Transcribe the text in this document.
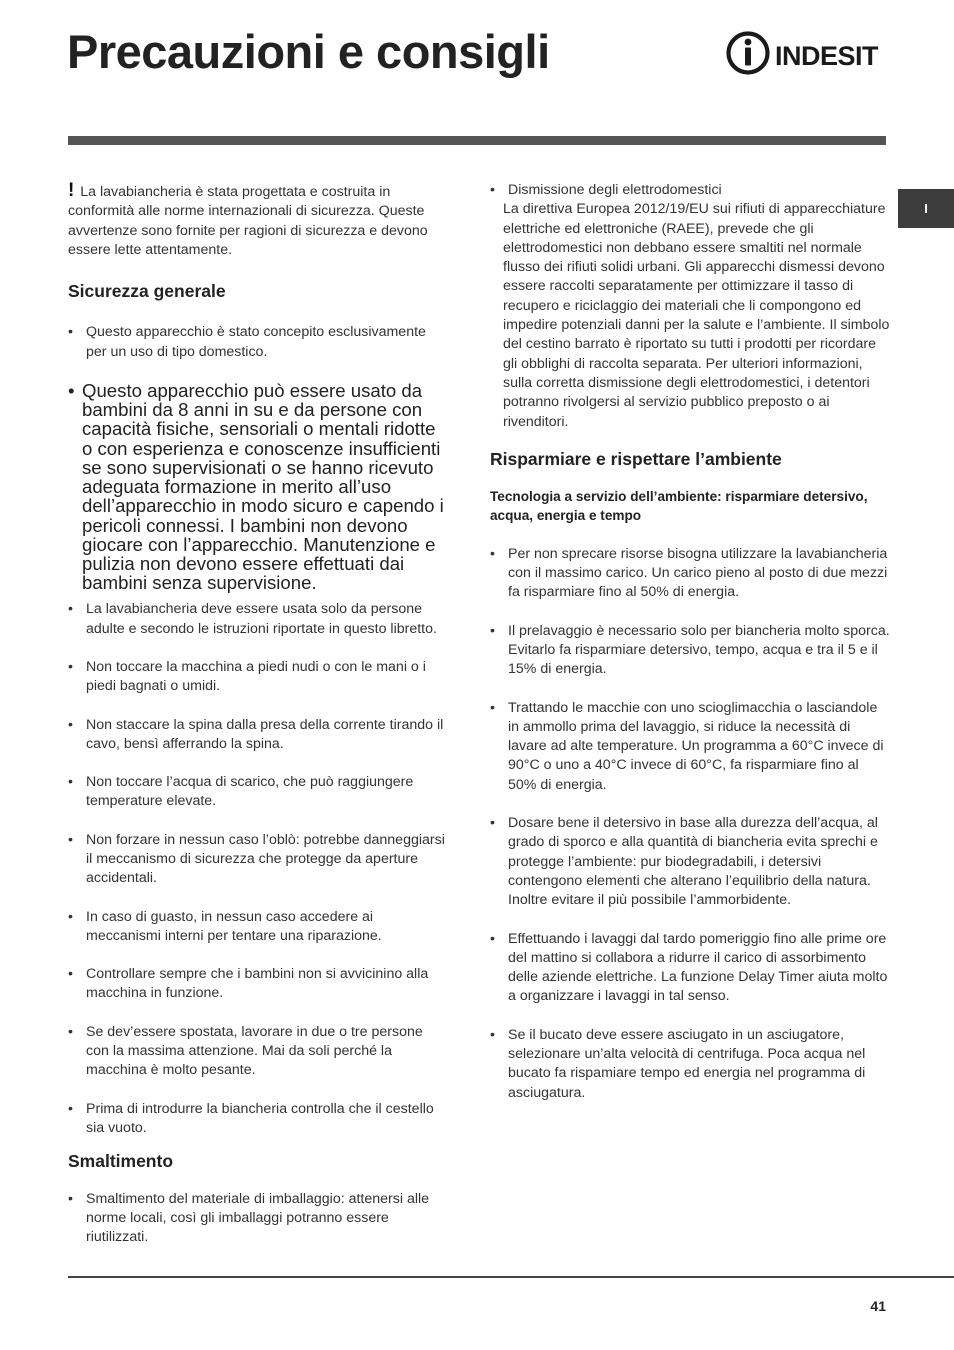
Precauzioni e consigli	INDESIT
I

! La lavabiancheria è stata progettata e costruita in conformità alle norme internazionali di sicurezza. Queste avvertenze sono fornite per ragioni di sicurezza e devono essere lette attentamente.

Sicurezza generale
• Questo apparecchio è stato concepito esclusivamente per un uso di tipo domestico.
• Questo apparecchio può essere usato da bambini da 8 anni in su e da persone con capacità fisiche, sensoriali o mentali ridotte o con esperienza e conoscenze insufficienti se sono supervisionati o se hanno ricevuto adeguata formazione in merito all’uso dell’apparecchio in modo sicuro e capendo i pericoli connessi. I bambini non devono giocare con l’apparecchio. Manutenzione e pulizia non devono essere effettuati dai bambini senza supervisione.
• La lavabiancheria deve essere usata solo da persone adulte e secondo le istruzioni riportate in questo libretto.
• Non toccare la macchina a piedi nudi o con le mani o i piedi bagnati o umidi.
• Non staccare la spina dalla presa della corrente tirando il cavo, bensì afferrando la spina.
• Non toccare l’acqua di scarico, che può raggiungere temperature elevate.
• Non forzare in nessun caso l’oblò: potrebbe danneggiarsi il meccanismo di sicurezza che protegge da aperture accidentali.
• In caso di guasto, in nessun caso accedere ai meccanismi interni per tentare una riparazione.
• Controllare sempre che i bambini non si avvicinino alla macchina in funzione.
• Se dev’essere spostata, lavorare in due o tre persone con la massima attenzione. Mai da soli perché la macchina è molto pesante.
• Prima di introdurre la biancheria controlla che il cestello sia vuoto.
Smaltimento
• Smaltimento del materiale di imballaggio: attenersi alle norme locali, così gli imballaggi potranno essere riutilizzati.
• Dismissione degli elettrodomestici

La direttiva Europea 2012/19/EU sui rifiuti di apparecchiature elettriche ed elettroniche (RAEE), prevede che gli elettrodomestici non debbano essere smaltiti nel normale flusso dei rifiuti solidi urbani. Gli apparecchi dismessi devono essere raccolti separatamente per ottimizzare il tasso di recupero e riciclaggio dei materiali che li compongono ed impedire potenziali danni per la salute e l’ambiente. Il simbolo del cestino barrato è riportato su tutti i prodotti per ricordare gli obblighi di raccolta separata. Per ulteriori informazioni, sulla corretta dismissione degli elettrodomestici, i detentori potranno rivolgersi al servizio pubblico preposto o ai rivenditori.

Risparmiare e rispettare l’ambiente

Tecnologia a servizio dell’ambiente: risparmiare detersivo, acqua, energia e tempo

• Per non sprecare risorse bisogna utilizzare la lavabiancheria con il massimo carico. Un carico pieno al posto di due mezzi fa risparmiare fino al 50% di energia.
• Il prelavaggio è necessario solo per biancheria molto sporca. Evitarlo fa risparmiare detersivo, tempo, acqua e tra il 5 e il 15% di energia.
• Trattando le macchie con uno scioglimacchia o lasciandole in ammollo prima del lavaggio, si riduce la necessità di lavare ad alte temperature. Un programma a 60°C invece di 90°C o uno a 40°C invece di 60°C, fa risparmiare fino al 50% di energia.
• Dosare bene il detersivo in base alla durezza dell’acqua, al grado di sporco e alla quantità di biancheria evita sprechi e protegge l’ambiente: pur biodegradabili, i detersivi contengono elementi che alterano l’equilibrio della natura. Inoltre evitare il più possibile l’ammorbidente.
• Effettuando i lavaggi dal tardo pomeriggio fino alle prime ore del mattino si collabora a ridurre il carico di assorbimento delle aziende elettriche. La funzione Delay Timer aiuta molto a organizzare i lavaggi in tal senso.
• Se il bucato deve essere asciugato in un asciugatore, selezionare un’alta velocità di centrifuga. Poca acqua nel bucato fa rispamiare tempo ed energia nel programma di asciugatura.
41
